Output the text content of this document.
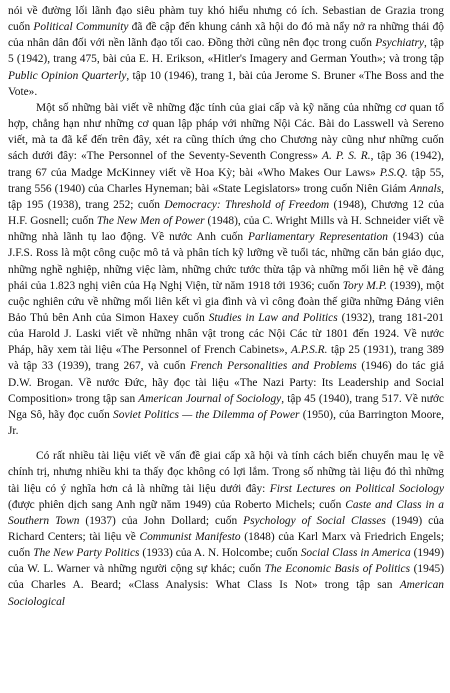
nói về đường lối lãnh đạo siêu phàm tuy khó hiểu nhưng có ích. Sebastian de Grazia trong cuốn Political Community đã đề cập đến khung cảnh xã hội do đó mà nẩy nở ra những thái độ của nhân dân đối với nền lãnh đạo tối cao. Đồng thời cũng nên đọc trong cuốn Psychiatry, tập 5 (1942), trang 475, bài của E. H. Erikson, «Hitler's Imagery and German Youth»; và trong tập Public Opinion Quarterly, tập 10 (1946), trang 1, bài của Jerome S. Bruner «The Boss and the Vote».

Một số những bài viết về những đặc tính của giai cấp và kỹ năng của những cơ quan tổ hợp, chẳng hạn như những cơ quan lập pháp với những Nội Các. Bài do Lasswell và Sereno viết, mà ta đã kể đến trên đây, xét ra cũng thích ứng cho Chương này cũng như những cuốn sách dưới đây: «The Personnel of the Seventy-Seventh Congress» A. P. S. R., tập 36 (1942), trang 67 của Madge McKinney viết về Hoa Kỳ; bài «Who Makes Our Laws» P.S.Q. tập 55, trang 556 (1940) của Charles Hyneman; bài «State Legislators» trong cuốn Niên Giám Annals, tập 195 (1938), trang 252; cuốn Democracy: Threshold of Freedom (1948), Chương 12 của H.F. Gosnell; cuốn The New Men of Power (1948), của C. Wright Mills và H. Schneider viết về những nhà lãnh tụ lao động. Về nước Anh cuốn Parliamentary Representation (1943) của J.F.S. Ross là một công cuộc mô tả và phân tích kỹ lưỡng về tuổi tác, những căn bản giáo dục, những nghề nghiệp, những việc làm, những chức tước thừa tập và những mối liên hệ về đảng phái của 1.823 nghị viên của Hạ Nghị Viện, từ năm 1918 tới 1936; cuốn Tory M.P. (1939), một cuộc nghiên cứu về những mối liên kết vì gia đình và vì công đoàn thế giữa những Đảng viên Bảo Thủ bên Anh của Simon Haxey cuốn Studies in Law and Politics (1932), trang 181-201 của Harold J. Laski viết về những nhân vật trong các Nội Các từ 1801 đến 1924. Về nước Pháp, hãy xem tài liệu «The Personnel of French Cabinets», A.P.S.R. tập 25 (1931), trang 389 và tập 33 (1939), trang 267, và cuốn French Personalities and Problems (1946) do tác giả D.W. Brogan. Về nước Đức, hãy đọc tài liệu «The Nazi Party: Its Leadership and Social Composition» trong tập san American Journal of Sociology, tập 45 (1940), trang 517. Về nước Nga Sô, hãy đọc cuốn Soviet Politics — the Dilemma of Power (1950), của Barrington Moore, Jr.

Có rất nhiều tài liệu viết về vấn đề giai cấp xã hội và tính cách biến chuyển mau lẹ về chính trị, nhưng nhiều khi ta thấy đọc không có lợi lắm. Trong số những tài liệu đó thì những tài liệu có ý nghĩa hơn cả là những tài liệu dưới đây: First Lectures on Political Sociology (được phiên dịch sang Anh ngữ năm 1949) của Roberto Michels; cuốn Caste and Class in a Southern Town (1937) của John Dollard; cuốn Psychology of Social Classes (1949) của Richard Centers; tài liệu về Communist Manifesto (1848) của Karl Marx và Friedrich Engels; cuốn The New Party Politics (1933) của A. N. Holcombe; cuốn Social Class in America (1949) của W. L. Warner và những người cộng sự khác; cuốn The Economic Basis of Politics (1945) của Charles A. Beard; «Class Analysis: What Class Is Not» trong tập san American Sociological
